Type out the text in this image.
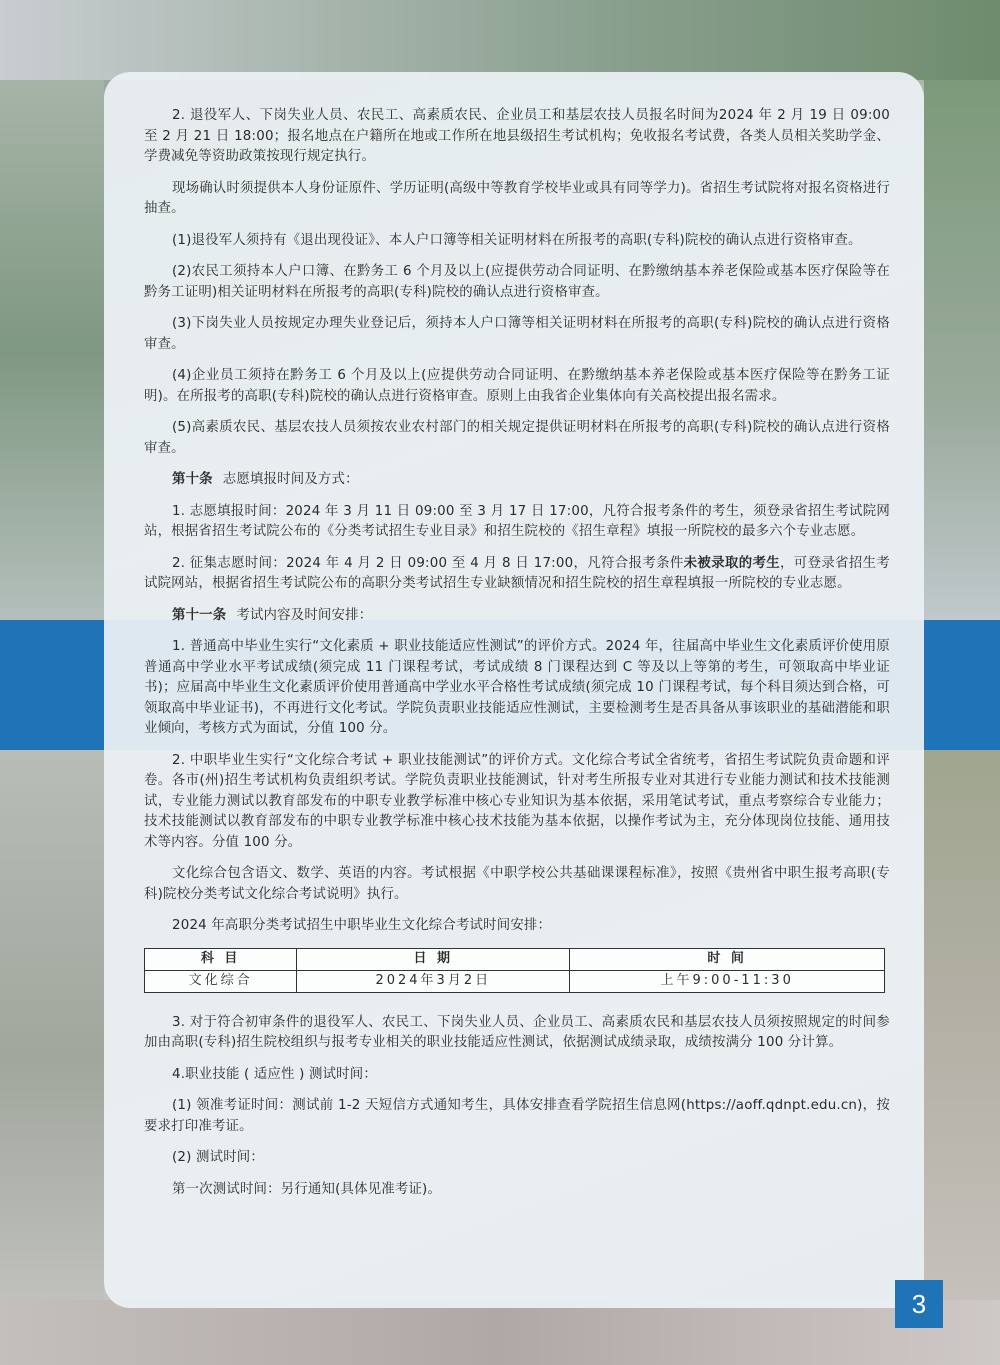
2. 退役军人、下岗失业人员、农民工、高素质农民、企业员工和基层农技人员报名时间为2024 年 2 月 19 日 09:00 至 2 月 21 日 18:00；报名地点在户籍所在地或工作所在地县级招生考试机构；免收报名考试费，各类人员相关奖助学金、学费减免等资助政策按现行规定执行。

现场确认时须提供本人身份证原件、学历证明(高级中等教育学校毕业或具有同等学力)。省招生考试院将对报名资格进行抽查。

(1)退役军人须持有《退出现役证》、本人户口簿等相关证明材料在所报考的高职(专科)院校的确认点进行资格审查。

(2)农民工须持本人户口簿、在黔务工 6 个月及以上(应提供劳动合同证明、在黔缴纳基本养老保险或基本医疗保险等在黔务工证明)相关证明材料在所报考的高职(专科)院校的确认点进行资格审查。

(3)下岗失业人员按规定办理失业登记后，须持本人户口簿等相关证明材料在所报考的高职(专科)院校的确认点进行资格审查。

(4)企业员工须持在黔务工 6 个月及以上(应提供劳动合同证明、在黔缴纳基本养老保险或基本医疗保险等在黔务工证明)。在所报考的高职(专科)院校的确认点进行资格审查。原则上由我省企业集体向有关高校提出报名需求。

(5)高素质农民、基层农技人员须按农业农村部门的相关规定提供证明材料在所报考的高职(专科)院校的确认点进行资格审查。

第十条 志愿填报时间及方式：

1. 志愿填报时间：2024 年 3 月 11 日 09:00 至 3 月 17 日 17:00，凡符合报考条件的考生，须登录省招生考试院网站，根据省招生考试院公布的《分类考试招生专业目录》和招生院校的《招生章程》填报一所院校的最多六个专业志愿。

2. 征集志愿时间：2024 年 4 月 2 日 09:00 至 4 月 8 日 17:00，凡符合报考条件未被录取的考生，可登录省招生考试院网站，根据省招生考试院公布的高职分类考试招生专业缺额情况和招生院校的招生章程填报一所院校的专业志愿。

第十一条 考试内容及时间安排：

1. 普通高中毕业生实行“文化素质 + 职业技能适应性测试”的评价方式。2024 年，往届高中毕业生文化素质评价使用原普通高中学业水平考试成绩(须完成 11 门课程考试，考试成绩 8 门课程达到 C 等及以上等第的考生，可领取高中毕业证书)；应届高中毕业生文化素质评价使用普通高中学业水平合格性考试成绩(须完成 10 门课程考试，每个科目须达到合格，可领取高中毕业证书)，不再进行文化考试。学院负责职业技能适应性测试，主要检测考生是否具备从事该职业的基础潜能和职业倾向，考核方式为面试，分值 100 分。

2. 中职毕业生实行“文化综合考试 + 职业技能测试”的评价方式。文化综合考试全省统考，省招生考试院负责命题和评卷。各市(州)招生考试机构负责组织考试。学院负责职业技能测试，针对考生所报专业对其进行专业能力测试和技术技能测试，专业能力测试以教育部发布的中职专业教学标准中核心专业知识为基本依据，采用笔试考试，重点考察综合专业能力；技术技能测试以教育部发布的中职专业教学标准中核心技术技能为基本依据，以操作考试为主，充分体现岗位技能、通用技术等内容。分值 100 分。

文化综合包含语文、数学、英语的内容。考试根据《中职学校公共基础课课程标准》，按照《贵州省中职生报考高职(专科)院校分类考试文化综合考试说明》执行。

2024 年高职分类考试招生中职毕业生文化综合考试时间安排：

科 目	日 期	时 间
文化综合	2024年3月2日	上午9:00-11:30

3. 对于符合初审条件的退役军人、农民工、下岗失业人员、企业员工、高素质农民和基层农技人员须按照规定的时间参加由高职(专科)招生院校组织与报考专业相关的职业技能适应性测试，依据测试成绩录取，成绩按满分 100 分计算。

4.职业技能 ( 适应性 ) 测试时间：

(1) 领准考证时间：测试前 1-2 天短信方式通知考生，具体安排查看学院招生信息网(https://aoff.qdnpt.edu.cn)，按要求打印准考证。

(2) 测试时间：

第一次测试时间：另行通知(具体见准考证)。

3
